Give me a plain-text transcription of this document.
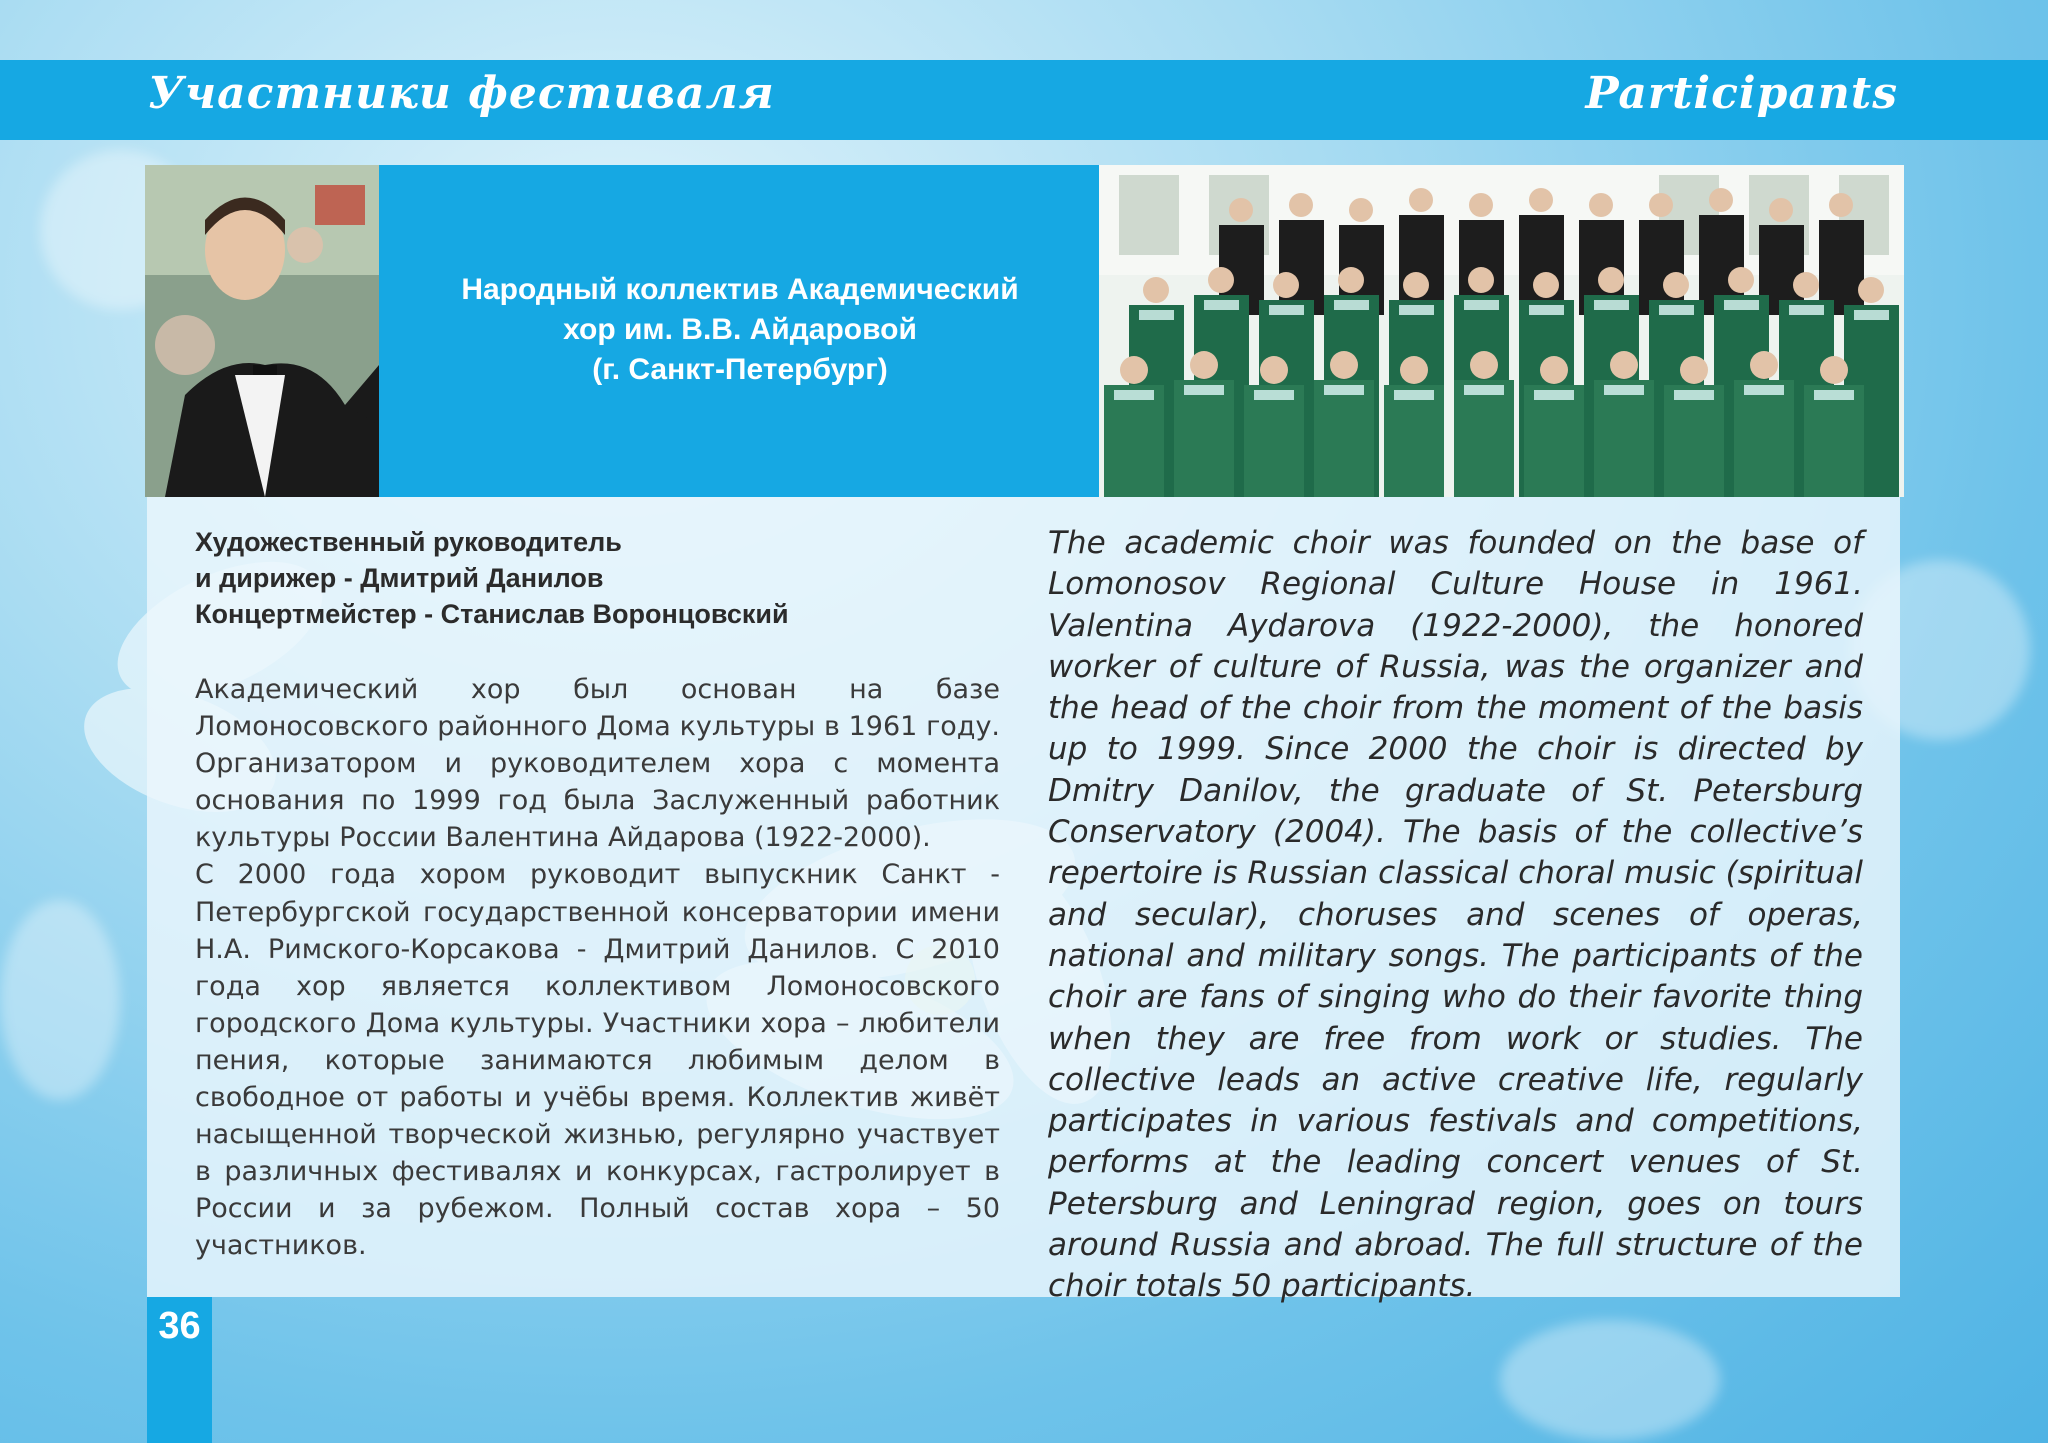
Участники фестиваля	Participants
Народный коллектив Академический
хор им. В.В. Айдаровой
(г. Санкт-Петербург)
Художественный руководитель
и дирижер - Дмитрий Данилов
Концертмейстер - Станислав Воронцовский

Академический хор был основан на базе Ломоносовского районного Дома культуры в 1961 году. Организатором и руководителем хора с момента основания по 1999 год была Заслуженный работник культуры России Валентина Айдарова (1922-2000).

С 2000 года хором руководит выпускник Санкт - Петербургской государственной консерватории имени Н.А. Римского-Корсакова - Дмитрий Данилов. С 2010 года хор является коллективом Ломоносовского городского Дома культуры. Участники хора – любители пения, которые занимаются любимым делом в свободное от работы и учёбы время. Коллектив живёт насыщенной творческой жизнью, регулярно участвует в различных фестивалях и конкурсах, гастролирует в России и за рубежом. Полный состав хора – 50 участников.

The academic choir was founded on the base of Lomonosov Regional Culture House in 1961. Valentina Aydarova (1922-2000), the honored worker of culture of Russia, was the organizer and the head of the choir from the moment of the basis up to 1999. Since 2000 the choir is directed by Dmitry Danilov, the graduate of St. Petersburg Conservatory (2004). The basis of the collective’s repertoire is Russian classical choral music (spiritual and secular), choruses and scenes of operas, national and military songs. The participants of the choir are fans of singing who do their favorite thing when they are free from work or studies. The collective leads an active creative life, regularly participates in various festivals and competitions, performs at the leading concert venues of St. Petersburg and Leningrad region, goes on tours around Russia and abroad. The full structure of the choir totals 50 participants.
36
